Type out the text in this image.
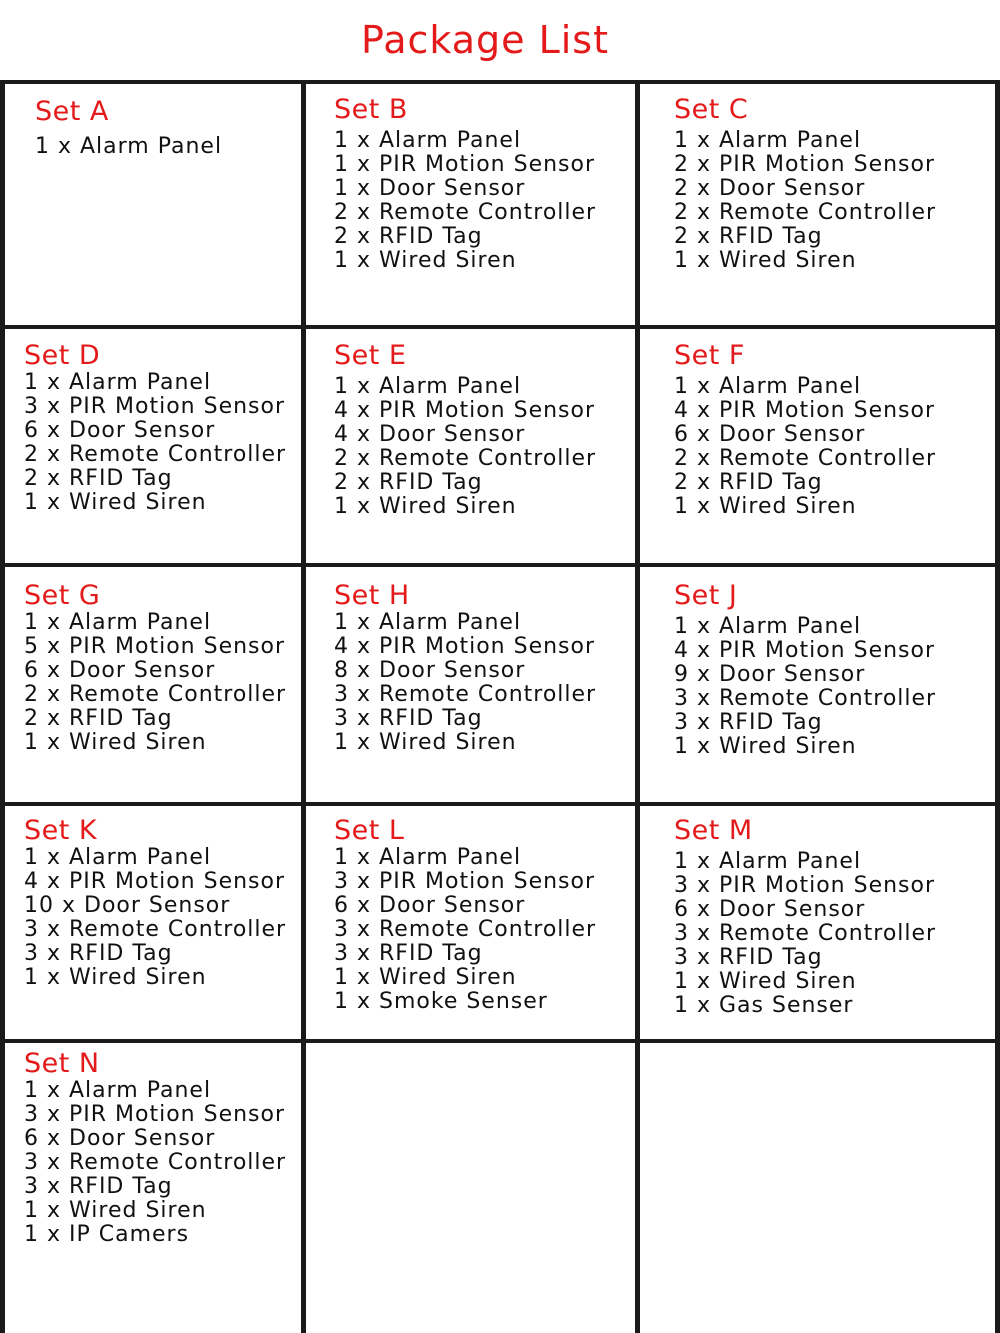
Package List
Set A
1 x Alarm Panel
Set B
1 x Alarm Panel
1 x PIR Motion Sensor
1 x Door Sensor
2 x Remote Controller
2 x RFID Tag
1 x Wired Siren
Set C
1 x Alarm Panel
2 x PIR Motion Sensor
2 x Door Sensor
2 x Remote Controller
2 x RFID Tag
1 x Wired Siren
Set D
1 x Alarm Panel
3 x PIR Motion Sensor
6 x Door Sensor
2 x Remote Controller
2 x RFID Tag
1 x Wired Siren
Set E
1 x Alarm Panel
4 x PIR Motion Sensor
4 x Door Sensor
2 x Remote Controller
2 x RFID Tag
1 x Wired Siren
Set F
1 x Alarm Panel
4 x PIR Motion Sensor
6 x Door Sensor
2 x Remote Controller
2 x RFID Tag
1 x Wired Siren
Set G
1 x Alarm Panel
5 x PIR Motion Sensor
6 x Door Sensor
2 x Remote Controller
2 x RFID Tag
1 x Wired Siren
Set H
1 x Alarm Panel
4 x PIR Motion Sensor
8 x Door Sensor
3 x Remote Controller
3 x RFID Tag
1 x Wired Siren
Set J
1 x Alarm Panel
4 x PIR Motion Sensor
9 x Door Sensor
3 x Remote Controller
3 x RFID Tag
1 x Wired Siren
Set K
1 x Alarm Panel
4 x PIR Motion Sensor
10 x Door Sensor
3 x Remote Controller
3 x RFID Tag
1 x Wired Siren
Set L
1 x Alarm Panel
3 x PIR Motion Sensor
6 x Door Sensor
3 x Remote Controller
3 x RFID Tag
1 x Wired Siren
1 x Smoke Senser
Set M
1 x Alarm Panel
3 x PIR Motion Sensor
6 x Door Sensor
3 x Remote Controller
3 x RFID Tag
1 x Wired Siren
1 x Gas Senser
Set N
1 x Alarm Panel
3 x PIR Motion Sensor
6 x Door Sensor
3 x Remote Controller
3 x RFID Tag
1 x Wired Siren
1 x IP Camers
